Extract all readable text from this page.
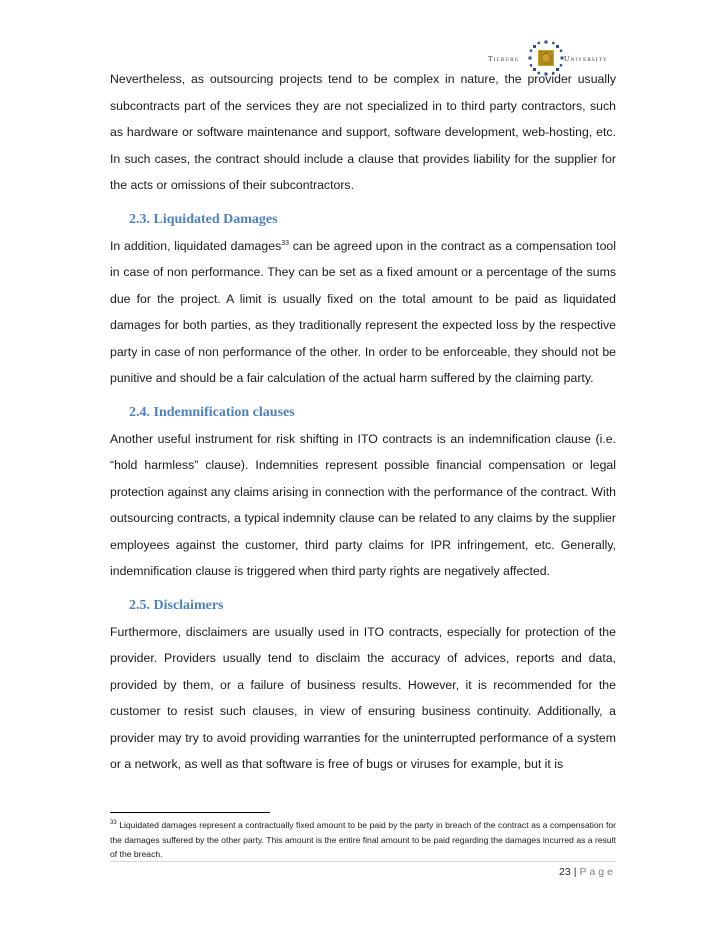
Tilburg	University

Nevertheless, as outsourcing projects tend to be complex in nature, the provider usually subcontracts part of the services they are not specialized in to third party contractors, such as hardware or software maintenance and support, software development, web-hosting, etc. In such cases, the contract should include a clause that provides liability for the supplier for the acts or omissions of their subcontractors.

2.3. Liquidated Damages

In addition, liquidated damages$^{33}$ can be agreed upon in the contract as a compensation tool in case of non performance. They can be set as a fixed amount or a percentage of the sums due for the project. A limit is usually fixed on the total amount to be paid as liquidated damages for both parties, as they traditionally represent the expected loss by the respective party in case of non performance of the other. In order to be enforceable, they should not be punitive and should be a fair calculation of the actual harm suffered by the claiming party.

2.4. Indemnification clauses

Another useful instrument for risk shifting in ITO contracts is an indemnification clause (i.e. “hold harmless” clause). Indemnities represent possible financial compensation or legal protection against any claims arising in connection with the performance of the contract. With outsourcing contracts, a typical indemnity clause can be related to any claims by the supplier employees against the customer, third party claims for IPR infringement, etc. Generally, indemnification clause is triggered when third party rights are negatively affected.

2.5. Disclaimers

Furthermore, disclaimers are usually used in ITO contracts, especially for protection of the provider. Providers usually tend to disclaim the accuracy of advices, reports and data, provided by them, or a failure of business results. However, it is recommended for the customer to resist such clauses, in view of ensuring business continuity. Additionally, a provider may try to avoid providing warranties for the uninterrupted performance of a system or a network, as well as that software is free of bugs or viruses for example, but it is

$^{33}$ Liquidated damages represent a contractually fixed amount to be paid by the party in breach of the contract as a compensation for the damages suffered by the other party. This amount is the entire final amount to be paid regarding the damages incurred as a result of the breach.
23 | Page
